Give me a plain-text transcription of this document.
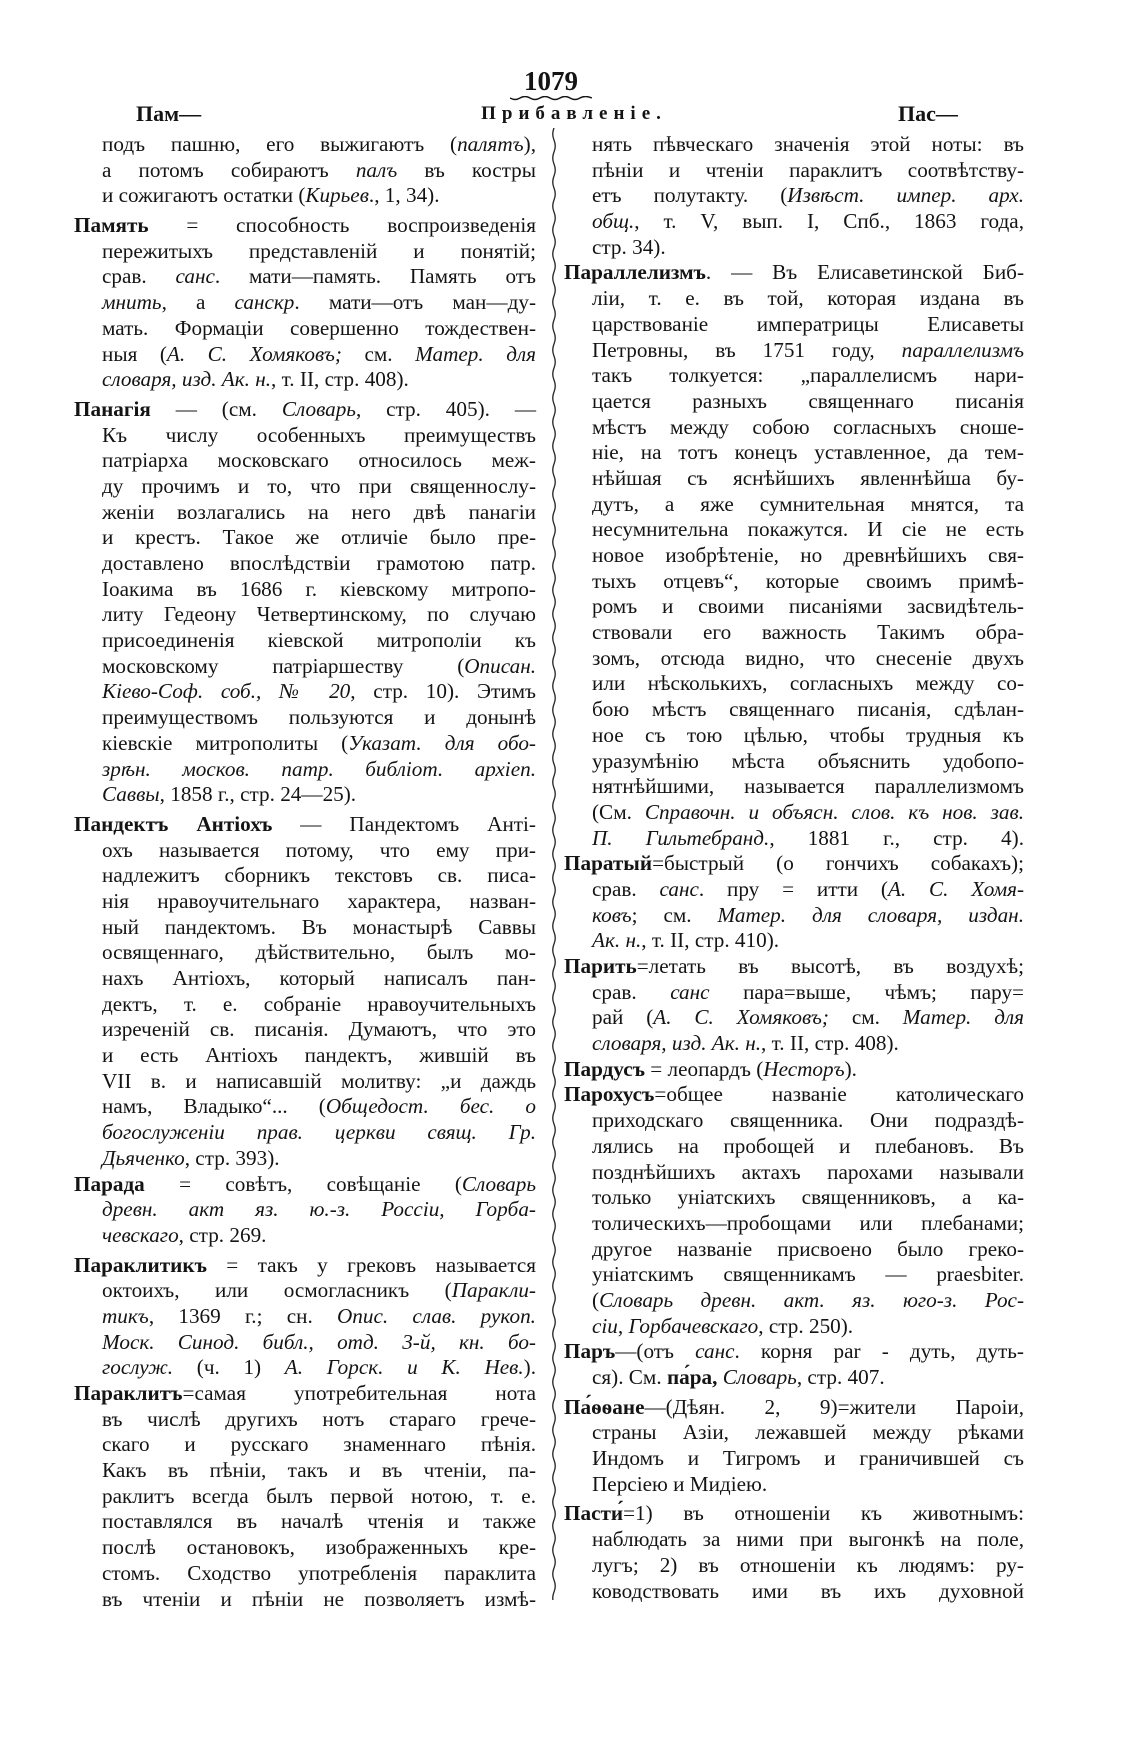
1079
Пам—	Прибавленіе.	Пас—
подъ пашню, его выжигаютъ (палятъ),
а потомъ собираютъ палъ въ костры
и сожигаютъ остатки (Кирьев., 1, 34).
Память = способность воспроизведенія
пережитыхъ представленій и понятій;
срав. санс. мати—память. Память отъ
мнить, а санскр. мати—отъ ман—ду-
мать. Формаціи совершенно тождествен-
ныя (А. С. Хомяковъ; см. Матер. для
словаря, изд. Ак. н., т. II, стр. 408).
Панагія — (см. Словарь, стр. 405). —
Къ числу особенныхъ преимуществъ
патріарха московскаго относилось меж-
ду прочимъ и то, что при священнослу-
женіи возлагались на него двѣ панагіи
и крестъ. Такое же отличіе было пре-
доставлено впослѣдствіи грамотою патр.
Іоакима въ 1686 г. кіевскому митропо-
литу Гедеону Четвертинскому, по случаю
присоединенія кіевской митрополіи къ
московскому патріаршеству (Описан.
Кіево-Соф. соб., № 20, стр. 10). Этимъ
преимуществомъ пользуются и донынѣ
кіевскіе митрополиты (Указат. для обо-
зрѣн. москов. патр. библіот. архіеп.
Саввы, 1858 г., стр. 24—25).
Пандектъ Антіохъ — Пандектомъ Анті-
охъ называется потому, что ему при-
надлежитъ сборникъ текстовъ св. писа-
нія нравоучительнаго характера, назван-
ный пандектомъ. Въ монастырѣ Саввы
освященнаго, дѣйствительно, былъ мо-
нахъ Антіохъ, который написалъ пан-
дектъ, т. е. собраніе нравоучительныхъ
изреченій св. писанія. Думаютъ, что это
и есть Антіохъ пандектъ, жившій въ
VII в. и написавшій молитву: „и даждь
намъ, Владыко“... (Общедост. бес. о
богослуженіи прав. церкви свящ. Гр.
Дьяченко, стр. 393).
Парада = совѣтъ, совѣщаніе (Словарь
древн. акт яз. ю.-з. Россіи, Горба-
чевскаго, стр. 269.
Параклитикъ = такъ у грековъ называется
октоихъ, или осмогласникъ (Параклu-
тикъ, 1369 г.; сн. Опис. слав. рукоп.
Моск. Синод. библ., отд. 3-й, кн. бо-
гослуж. (ч. 1) А. Горск. и К. Нев.).
Параклитъ=самая употребительная нота
въ числѣ другихъ нотъ стараго грече-
скаго и русскаго знаменнаго пѣнія.
Какъ въ пѣніи, такъ и въ чтеніи, па-
раклитъ всегда былъ первой нотою, т. е.
поставлялся въ началѣ чтенія и также
послѣ остановокъ, изображенныхъ кре-
стомъ. Сходство употребленія параклита
въ чтеніи и пѣніи не позволяетъ измѣ-
нять пѣвческаго значенія этой ноты: въ
пѣніи и чтеніи параклитъ соотвѣтству-
етъ полутакту. (Извѣст. импер. арх.
общ., т. V, вып. I, Спб., 1863 года,
стр. 34).
Параллелизмъ. — Въ Елисаветинской Биб-
ліи, т. е. въ той, которая издана въ
царствованіе императрицы Елисаветы
Петровны, въ 1751 году, параллелизмъ
такъ толкуется: „параллелисмъ нари-
цается разныхъ священнаго писанія
мѣстъ между собою согласныхъ сноше-
ніе, на тотъ конецъ уставленное, да тем-
нѣйшая съ яснѣйшихъ явленнѣйша бу-
дутъ, а яже сумнительная мнятся, та
несумнительна покажутся. И сіе не есть
новое изобрѣтеніе, но древнѣйшихъ свя-
тыхъ отцевъ“, которые своимъ примѣ-
ромъ и своими писаніями засвидѣтель-
ствовали его важность Такимъ обра-
зомъ, отсюда видно, что снесеніе двухъ
или нѣсколькихъ, согласныхъ между со-
бою мѣстъ священнаго писанія, сдѣлан-
ное съ тою цѣлью, чтобы трудныя къ
уразумѣнію мѣста объяснить удобопо-
нятнѣйшими, называется параллелизмомъ
(См. Справочн. и объясн. слов. къ нов. зав.
П. Гильтебранд., 1881 г., стр. 4).
Паратый=быстрый (о гончихъ собакахъ);
срав. санс. пру = итти (А. С. Хомя-
ковъ; см. Матер. для словаря, издан.
Ак. н., т. II, стр. 410).
Парить=летать въ высотѣ, въ воздухѣ;
срав. санс пара=выше, чѣмъ; пару=
рай (А. С. Хомяковъ; см. Матер. для
словаря, изд. Ак. н., т. II, стр. 408).
Пардусъ = леопардъ (Несторъ).
Парохусъ=общее названіе католическаго
приходскаго священника. Они подраздѣ-
лялись на пробощей и плебановъ. Въ
позднѣйшихъ актахъ парохами называли
только уніатскихъ священниковъ, а ка-
толическихъ—пробощами или плебанами;
другое названіе присвоено было греко-
уніатскимъ священникамъ — praesbiter.
(Словарь древн. акт. яз. юго-з. Рос-
сіи, Горбачевскаго, стр. 250).
Паръ—(отъ санс. корня par - дуть, дуть-
ся). См. па́ра, Словарь, стр. 407.
Па́ѳѳане—(Дѣян. 2, 9)=жители Пароіи,
страны Азіи, лежавшей между рѣками
Индомъ и Тигромъ и граничившей съ
Персіею и Мидіею.
Пасти́=1) въ отношеніи къ животнымъ:
наблюдать за ними при выгонкѣ на поле,
лугъ; 2) въ отношеніи къ людямъ: ру-
ководствовать ими въ ихъ духовной
